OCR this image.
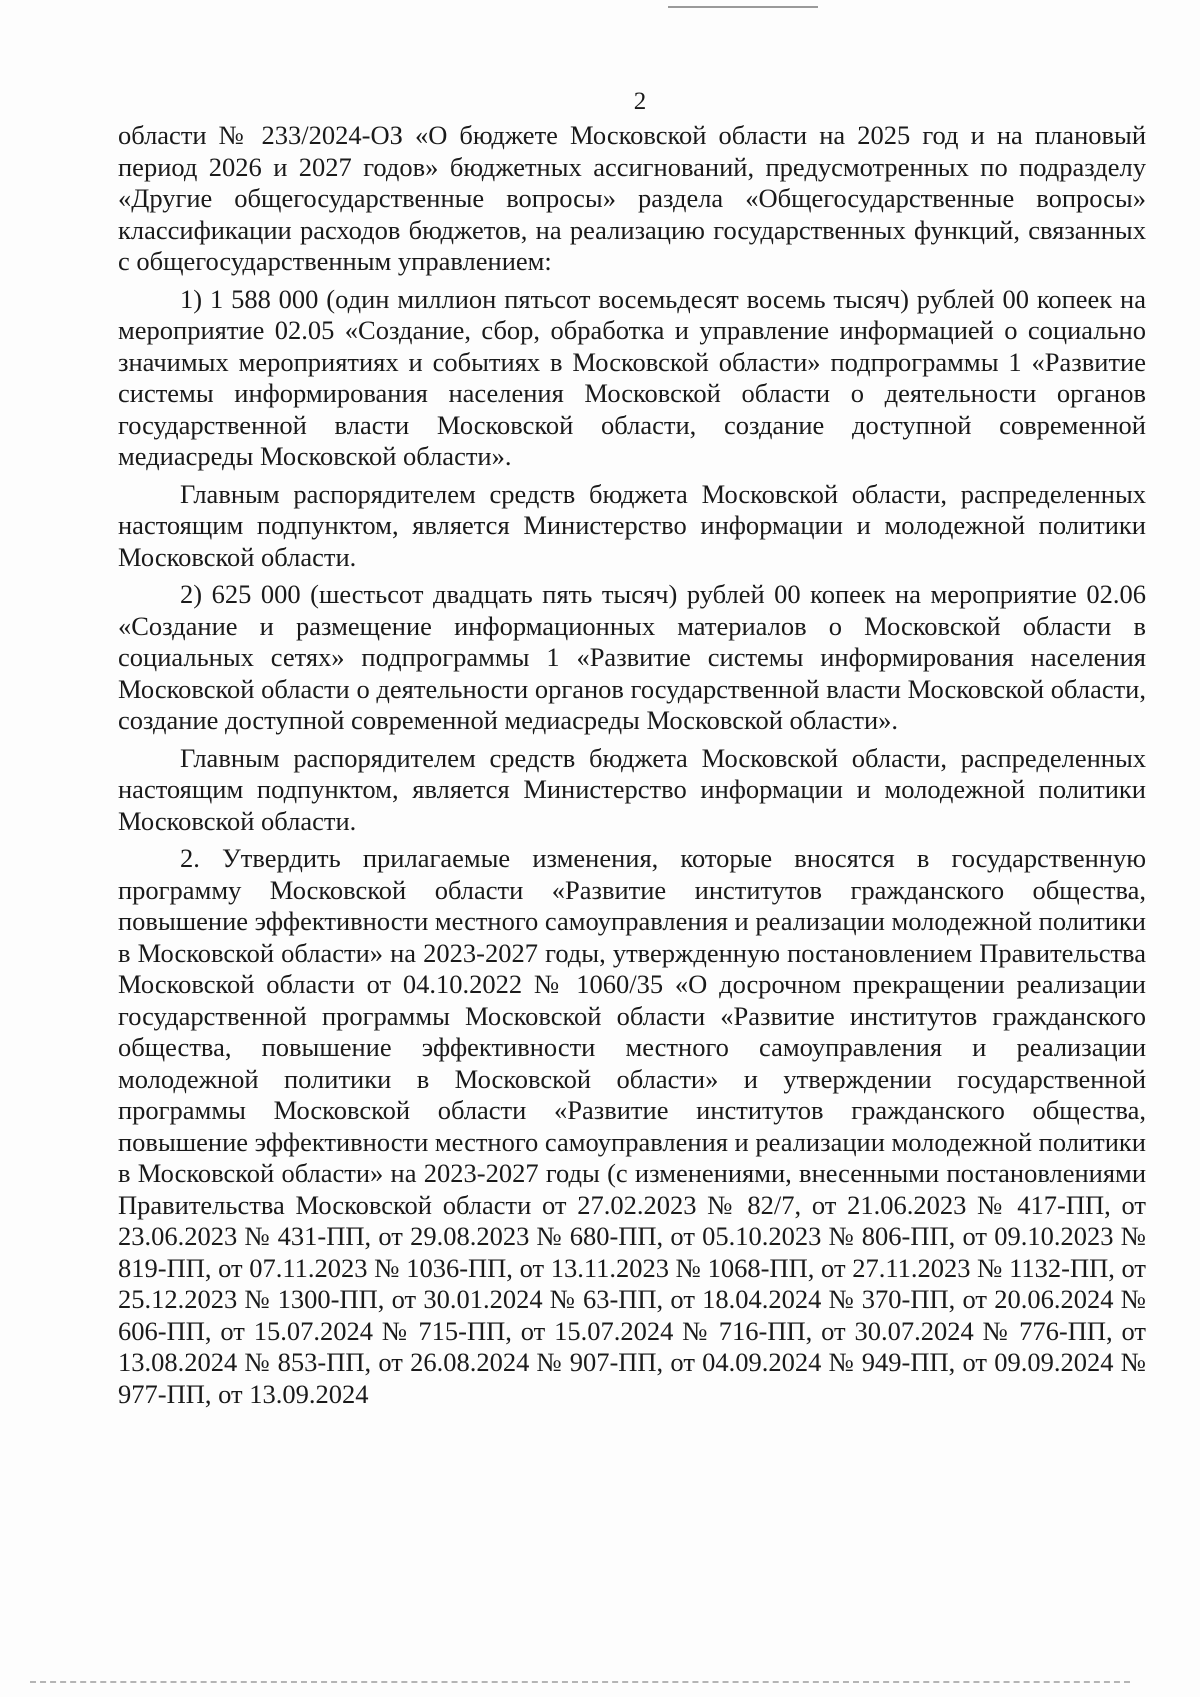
2

области № 233/2024-ОЗ «О бюджете Московской области на 2025 год и на плановый период 2026 и 2027 годов» бюджетных ассигнований, предусмотренных по подразделу «Другие общегосударственные вопросы» раздела «Общегосударственные вопросы» классификации расходов бюджетов, на реализацию государственных функций, связанных с общегосударственным управлением:

1) 1 588 000 (один миллион пятьсот восемьдесят восемь тысяч) рублей 00 копеек на мероприятие 02.05 «Создание, сбор, обработка и управление информацией о социально значимых мероприятиях и событиях в Московской области» подпрограммы 1 «Развитие системы информирования населения Московской области о деятельности органов государственной власти Московской области, создание доступной современной медиасреды Московской области».

Главным распорядителем средств бюджета Московской области, распределенных настоящим подпунктом, является Министерство информации и молодежной политики Московской области.

2) 625 000 (шестьсот двадцать пять тысяч) рублей 00 копеек на мероприятие 02.06 «Создание и размещение информационных материалов о Московской области в социальных сетях» подпрограммы 1 «Развитие системы информирования населения Московской области о деятельности органов государственной власти Московской области, создание доступной современной медиасреды Московской области».

Главным распорядителем средств бюджета Московской области, распределенных настоящим подпунктом, является Министерство информации и молодежной политики Московской области.

2. Утвердить прилагаемые изменения, которые вносятся в государственную программу Московской области «Развитие институтов гражданского общества, повышение эффективности местного самоуправления и реализации молодежной политики в Московской области» на 2023-2027 годы, утвержденную постановлением Правительства Московской области от 04.10.2022 № 1060/35 «О досрочном прекращении реализации государственной программы Московской области «Развитие институтов гражданского общества, повышение эффективности местного самоуправления и реализации молодежной политики в Московской области» и утверждении государственной программы Московской области «Развитие институтов гражданского общества, повышение эффективности местного самоуправления и реализации молодежной политики в Московской области» на 2023-2027 годы (с изменениями, внесенными постановлениями Правительства Московской области от 27.02.2023 № 82/7, от 21.06.2023 № 417-ПП, от 23.06.2023 № 431-ПП, от 29.08.2023 № 680-ПП, от 05.10.2023 № 806-ПП, от 09.10.2023 № 819-ПП, от 07.11.2023 № 1036-ПП, от 13.11.2023 № 1068-ПП, от 27.11.2023 № 1132-ПП, от 25.12.2023 № 1300-ПП, от 30.01.2024 № 63-ПП, от 18.04.2024 № 370-ПП, от 20.06.2024 № 606-ПП, от 15.07.2024 № 715-ПП, от 15.07.2024 № 716-ПП, от 30.07.2024 № 776-ПП, от 13.08.2024 № 853-ПП, от 26.08.2024 № 907-ПП, от 04.09.2024 № 949-ПП, от 09.09.2024 № 977-ПП, от 13.09.2024
